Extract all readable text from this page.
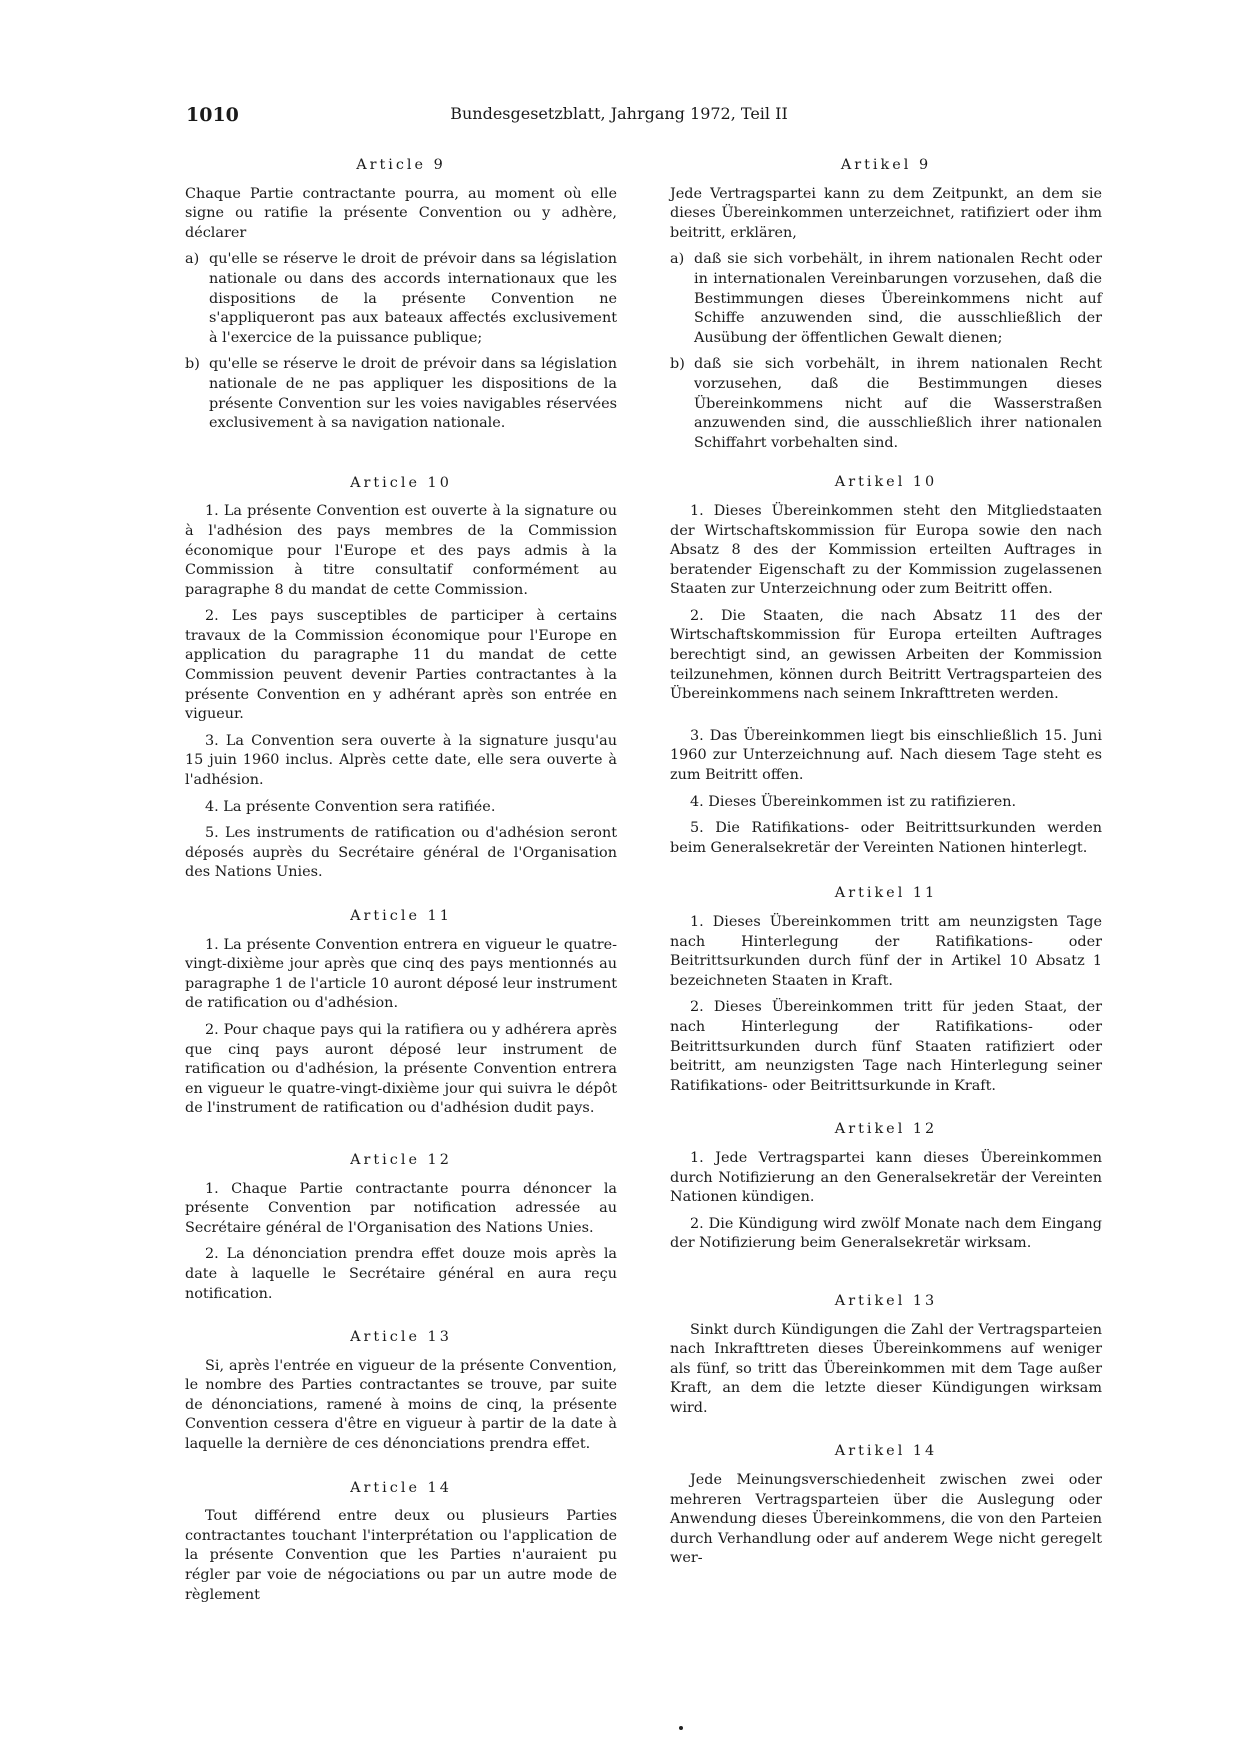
1010	Bundesgesetzblatt, Jahrgang 1972, Teil II
Article 9
Chaque Partie contractante pourra, au moment où elle signe ou ratifie la présente Convention ou y adhère, déclarer
a) qu'elle se réserve le droit de prévoir dans sa législation nationale ou dans des accords internationaux que les dispositions de la présente Convention ne s'appliqueront pas aux bateaux affectés exclusivement à l'exercice de la puissance publique;
b) qu'elle se réserve le droit de prévoir dans sa législation nationale de ne pas appliquer les dispositions de la présente Convention sur les voies navigables réservées exclusivement à sa navigation nationale.
Article 10
1. La présente Convention est ouverte à la signature ou à l'adhésion des pays membres de la Commission économique pour l'Europe et des pays admis à la Commission à titre consultatif conformément au paragraphe 8 du mandat de cette Commission.
2. Les pays susceptibles de participer à certains travaux de la Commission économique pour l'Europe en application du paragraphe 11 du mandat de cette Commission peuvent devenir Parties contractantes à la présente Convention en y adhérant après son entrée en vigueur.
3. La Convention sera ouverte à la signature jusqu'au 15 juin 1960 inclus. Alprès cette date, elle sera ouverte à l'adhésion.
4. La présente Convention sera ratifiée.
5. Les instruments de ratification ou d'adhésion seront déposés auprès du Secrétaire général de l'Organisation des Nations Unies.
Article 11
1. La présente Convention entrera en vigueur le quatre-vingt-dixième jour après que cinq des pays mentionnés au paragraphe 1 de l'article 10 auront déposé leur instrument de ratification ou d'adhésion.
2. Pour chaque pays qui la ratifiera ou y adhérera après que cinq pays auront déposé leur instrument de ratification ou d'adhésion, la présente Convention entrera en vigueur le quatre-vingt-dixième jour qui suivra le dépôt de l'instrument de ratification ou d'adhésion dudit pays.
Article 12
1. Chaque Partie contractante pourra dénoncer la présente Convention par notification adressée au Secrétaire général de l'Organisation des Nations Unies.
2. La dénonciation prendra effet douze mois après la date à laquelle le Secrétaire général en aura reçu notification.
Article 13
Si, après l'entrée en vigueur de la présente Convention, le nombre des Parties contractantes se trouve, par suite de dénonciations, ramené à moins de cinq, la présente Convention cessera d'être en vigueur à partir de la date à laquelle la dernière de ces dénonciations prendra effet.
Article 14
Tout différend entre deux ou plusieurs Parties contractantes touchant l'interprétation ou l'application de la présente Convention que les Parties n'auraient pu régler par voie de négociations ou par un autre mode de règlement
Artikel 9
Jede Vertragspartei kann zu dem Zeitpunkt, an dem sie dieses Übereinkommen unterzeichnet, ratifiziert oder ihm beitritt, erklären,
a) daß sie sich vorbehält, in ihrem nationalen Recht oder in internationalen Vereinbarungen vorzusehen, daß die Bestimmungen dieses Übereinkommens nicht auf Schiffe anzuwenden sind, die ausschließlich der Ausübung der öffentlichen Gewalt dienen;
b) daß sie sich vorbehält, in ihrem nationalen Recht vorzusehen, daß die Bestimmungen dieses Übereinkommens nicht auf die Wasserstraßen anzuwenden sind, die ausschließlich ihrer nationalen Schiffahrt vorbehalten sind.
Artikel 10
1. Dieses Übereinkommen steht den Mitgliedstaaten der Wirtschaftskommission für Europa sowie den nach Absatz 8 des der Kommission erteilten Auftrages in beratender Eigenschaft zu der Kommission zugelassenen Staaten zur Unterzeichnung oder zum Beitritt offen.
2. Die Staaten, die nach Absatz 11 des der Wirtschaftskommission für Europa erteilten Auftrages berechtigt sind, an gewissen Arbeiten der Kommission teilzunehmen, können durch Beitritt Vertragsparteien des Übereinkommens nach seinem Inkrafttreten werden.
3. Das Übereinkommen liegt bis einschließlich 15. Juni 1960 zur Unterzeichnung auf. Nach diesem Tage steht es zum Beitritt offen.
4. Dieses Übereinkommen ist zu ratifizieren.
5. Die Ratifikations- oder Beitrittsurkunden werden beim Generalsekretär der Vereinten Nationen hinterlegt.
Artikel 11
1. Dieses Übereinkommen tritt am neunzigsten Tage nach Hinterlegung der Ratifikations- oder Beitrittsurkunden durch fünf der in Artikel 10 Absatz 1 bezeichneten Staaten in Kraft.
2. Dieses Übereinkommen tritt für jeden Staat, der nach Hinterlegung der Ratifikations- oder Beitrittsurkunden durch fünf Staaten ratifiziert oder beitritt, am neunzigsten Tage nach Hinterlegung seiner Ratifikations- oder Beitrittsurkunde in Kraft.
Artikel 12
1. Jede Vertragspartei kann dieses Übereinkommen durch Notifizierung an den Generalsekretär der Vereinten Nationen kündigen.
2. Die Kündigung wird zwölf Monate nach dem Eingang der Notifizierung beim Generalsekretär wirksam.
Artikel 13
Sinkt durch Kündigungen die Zahl der Vertragsparteien nach Inkrafttreten dieses Übereinkommens auf weniger als fünf, so tritt das Übereinkommen mit dem Tage außer Kraft, an dem die letzte dieser Kündigungen wirksam wird.
Artikel 14
Jede Meinungsverschiedenheit zwischen zwei oder mehreren Vertragsparteien über die Auslegung oder Anwendung dieses Übereinkommens, die von den Parteien durch Verhandlung oder auf anderem Wege nicht geregelt wer-
